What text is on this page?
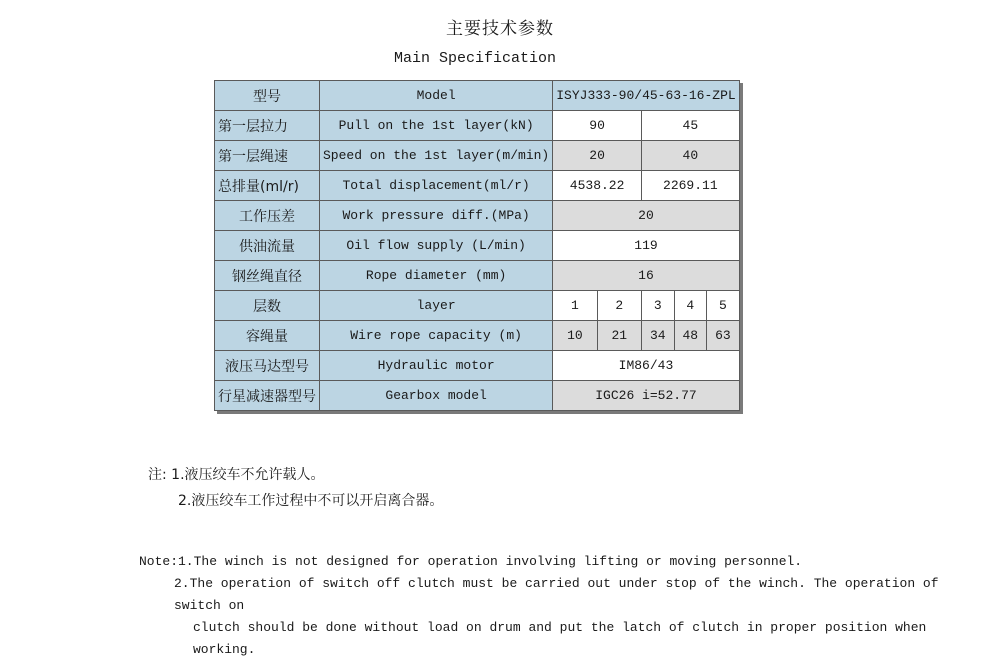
主要技术参数
Main Specification
型号	Model	ISYJ333-90/45-63-16-ZPL				
第一层拉力	Pull on the 1st layer(kN)	90		45		
第一层绳速	Speed on the 1st layer(m/min)	20		40		
总排量(ml/r)	Total displacement(ml/r)	4538.22		2269.11		
工作压差	Work pressure diff.(MPa)	20				
供油流量	Oil flow supply (L/min)	119				
钢丝绳直径	Rope diameter (mm)	16				
层数	layer	1	2	3	4	5
容绳量	Wire rope capacity (m)	10	21	34	48	63
液压马达型号	Hydraulic motor	IM86/43				
行星减速器型号	Gearbox model	IGC26 i=52.77				
注: 1.液压绞车不允许载人。
2.液压绞车工作过程中不可以开启离合器。
Note:1.The winch is not designed for operation involving lifting or moving personnel.
2.The operation of switch off clutch must be carried out under stop of the winch. The operation of switch on
clutch should be done without load on drum and put the latch of clutch in proper position when working.
